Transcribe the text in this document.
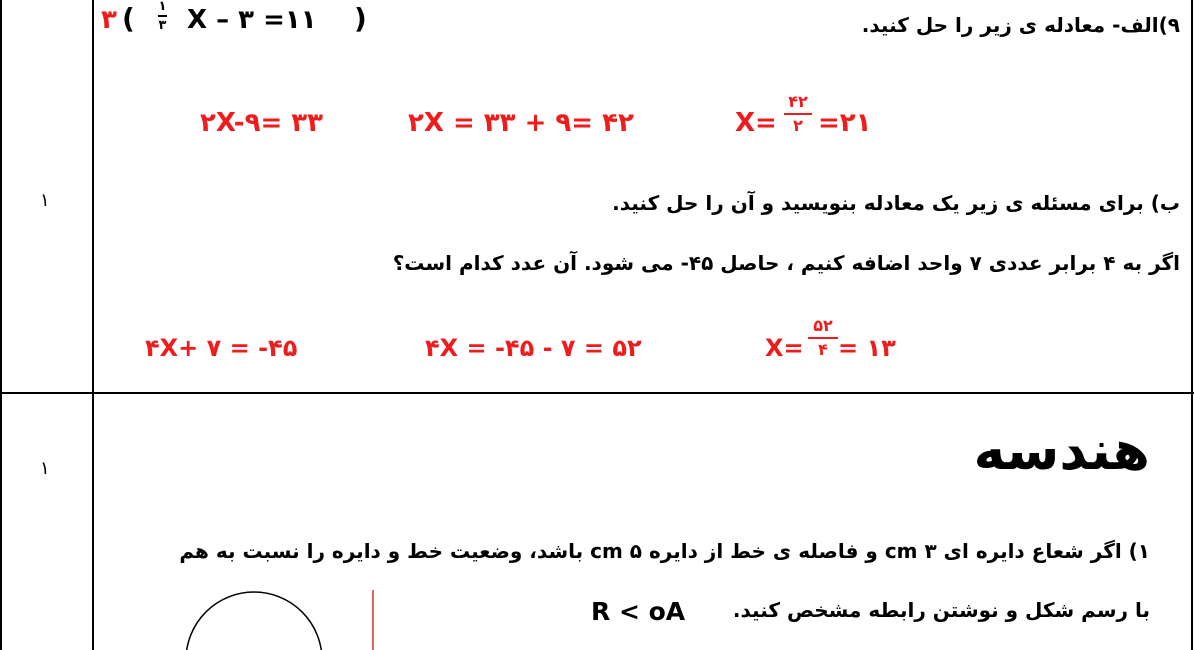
۱
۱
۳ ( ۱
۳ X – ۳ =۱۱ )	۹)الف- معادله ی زیر را حل کنید.
۲X-۹= ۳۳	۲X = ۳۳ + ۹= ۴۲	X=
۴۲
۲ =۲۱
ب) برای مسئله ی زیر یک معادله بنویسید و آن را حل کنید.
اگر به ۴ برابر عددی ۷ واحد اضافه کنیم ، حاصل ۴۵- می شود. آن عدد کدام است؟
۴X+ ۷ = -۴۵	۴X = -۴۵ - ۷ = ۵۲	X=
۵۲
۴ = ۱۳
هندسه
۱) اگر شعاع دایره ای ۳ cm و فاصله ی خط از دایره ۵ cm باشد، وضعیت خط و دایره را نسبت به هم
با رسم شکل و نوشتن رابطه مشخص کنید.
R < oA
